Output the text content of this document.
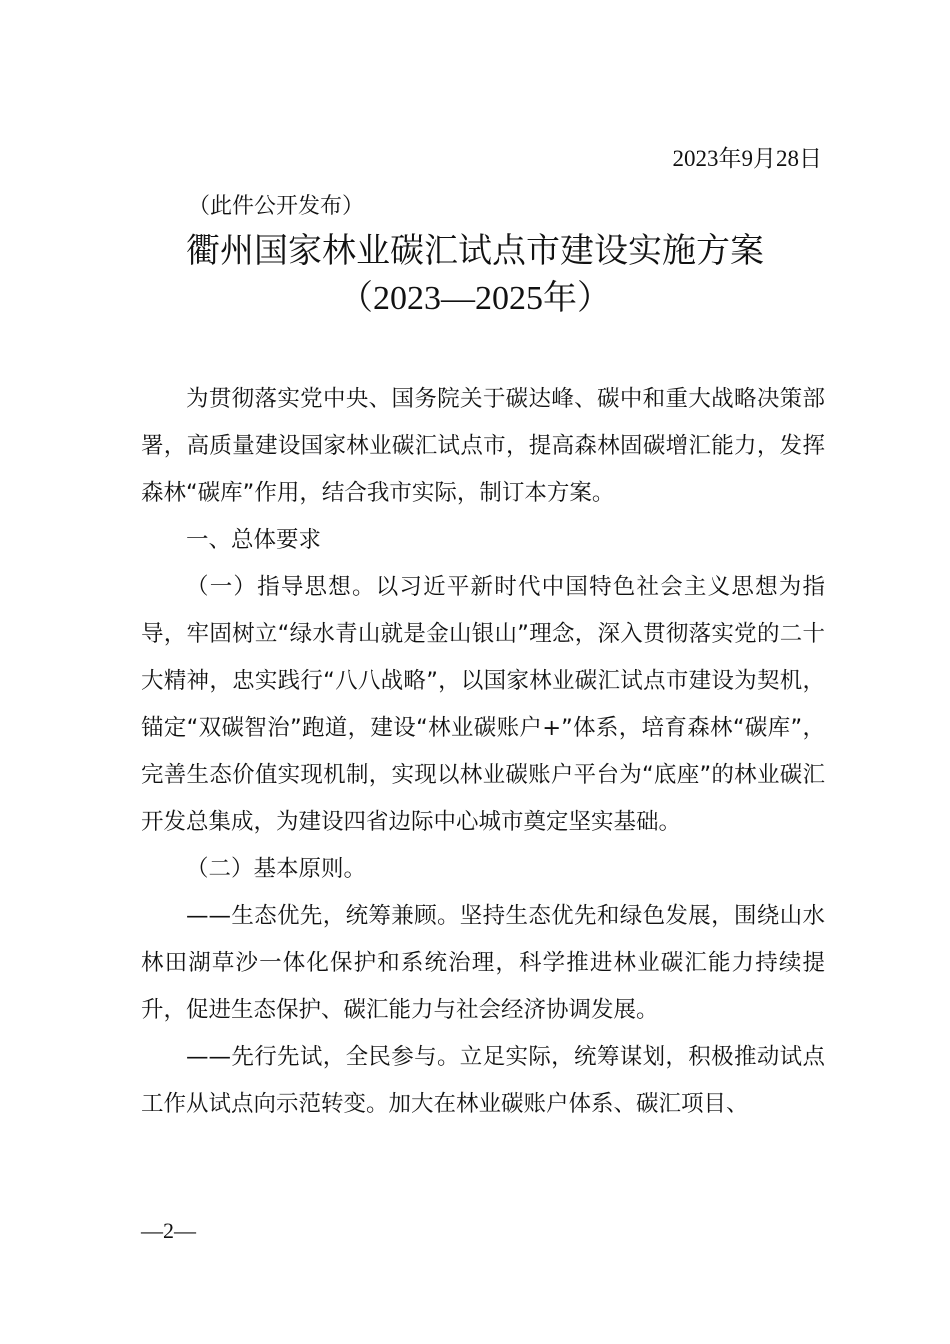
2023年9月28日
（此件公开发布）
衢州国家林业碳汇试点市建设实施方案
（2023—2025年）

为贯彻落实党中央、国务院关于碳达峰、碳中和重大战略决策部署，高质量建设国家林业碳汇试点市，提高森林固碳增汇能力，发挥森林“碳库”作用，结合我市实际，制订本方案。

一、总体要求

（一）指导思想。以习近平新时代中国特色社会主义思想为指导，牢固树立“绿水青山就是金山银山”理念，深入贯彻落实党的二十大精神，忠实践行“八八战略”，以国家林业碳汇试点市建设为契机，锚定“双碳智治”跑道，建设“林业碳账户+”体系，培育森林“碳库”，完善生态价值实现机制，实现以林业碳账户平台为“底座”的林业碳汇开发总集成，为建设四省边际中心城市奠定坚实基础。

（二）基本原则。

——生态优先，统筹兼顾。坚持生态优先和绿色发展，围绕山水林田湖草沙一体化保护和系统治理，科学推进林业碳汇能力持续提升，促进生态保护、碳汇能力与社会经济协调发展。

——先行先试，全民参与。立足实际，统筹谋划，积极推动试点工作从试点向示范转变。加大在林业碳账户体系、碳汇项目、

—2—
